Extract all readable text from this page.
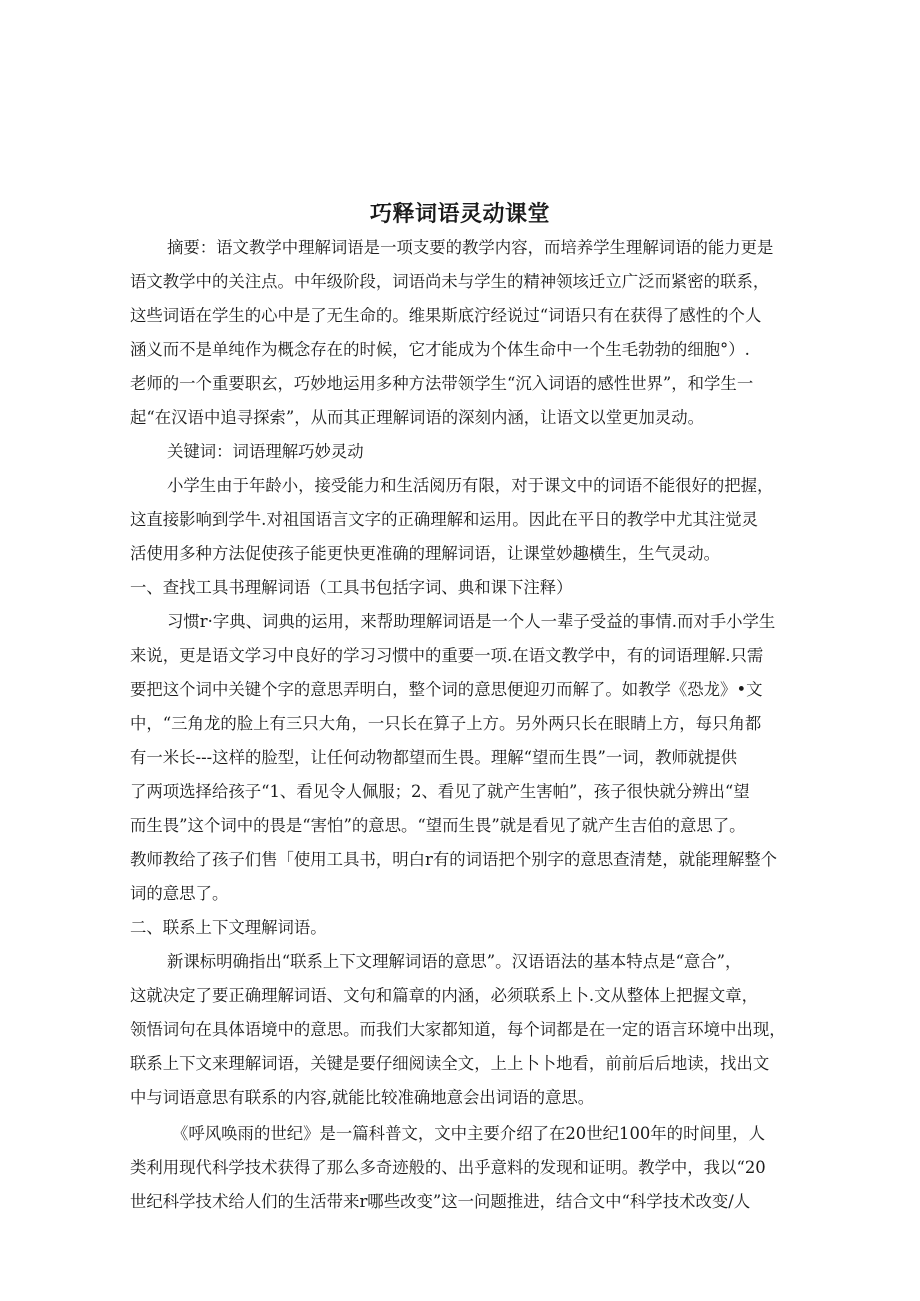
巧释词语灵动课堂

摘要：语文教学中理解词语是一项支要的教学内容，而培养学生理解词语的能力更是

语文教学中的关注点。中年级阶段，词语尚未与学生的精神领垓迁立广泛而紧密的联系，

这些词语在学生的心中是了无生命的。维果斯底泞经说过“词语只有在获得了感性的个人

涵义而不是单纯作为概念存在的时候，它才能成为个体生命中一个生毛勃勃的细胞°）.

老师的一个重要职玄，巧妙地运用多种方法带领学生“沉入词语的感性世界”，和学生一

起“在汉语中追寻探索”，从而其正理解词语的深刻内涵，让语文以堂更加灵动。

关键词：词语理解巧妙灵动

小学生由于年龄小，接受能力和生活阅历有限，对于课文中的词语不能很好的把握，

这直接影响到学牛.对祖国语言文字的正确理解和运用。因此在平日的教学中尤其注觉灵

活使用多种方法促使孩子能更快更准确的理解词语，让课堂妙趣横生，生气灵动。

一、查找工具书理解词语（工具书包括字词、典和课下注释）

习惯r·字典、词典的运用，来帮助理解词语是一个人一辈子受益的事情.而对手小学生

来说，更是语文学习中良好的学习习惯中的重要一项.在语文教学中，有的词语理解.只需

要把这个词中关键个字的意思弄明白，整个词的意思便迎刃而解了。如教学《恐龙》•文

中，“三角龙的脸上有三只大角，一只长在算子上方。另外两只长在眼睛上方，每只角都

有一米长---这样的脸型，让任何动物都望而生畏。理解“望而生畏”一词，教师就提供

了两项选择给孩子“1、看见令人佩服；2、看见了就产生害帕”，孩子很快就分辨出“望

而生畏”这个词中的畏是“害怕”的意思。“望而生畏”就是看见了就产生吉伯的意思了。

教师教给了孩子们售「使用工具书，明白r有的词语把个别字的意思查清楚，就能理解整个

词的意思了。

二、联系上下文理解词语。

新课标明确指出“联系上下文理解词语的意思”。汉语语法的基本特点是“意合”，

这就决定了要正确理解词语、文句和篇章的内涵，必须联系上卜.文从整体上把握文章，

领悟词句在具体语境中的意思。而我们大家都知道，每个词都是在一定的语言环境中出现，

联系上下文来理解词语，关键是要仔细阅读全文，上上卜卜地看，前前后后地读，找出文

中与词语意思有联系的内容,就能比较准确地意会出词语的意思。

《呼风唤雨的世纪》是一篇科普文，文中主要介绍了在20世纪100年的时间里，人

类利用现代科学技术获得了那么多奇迹般的、出乎意料的发现和证明。教学中，我以“20

世纪科学技术给人们的生活带来r哪些改变”这一问题推进，结合文中“科学技术改变/人
